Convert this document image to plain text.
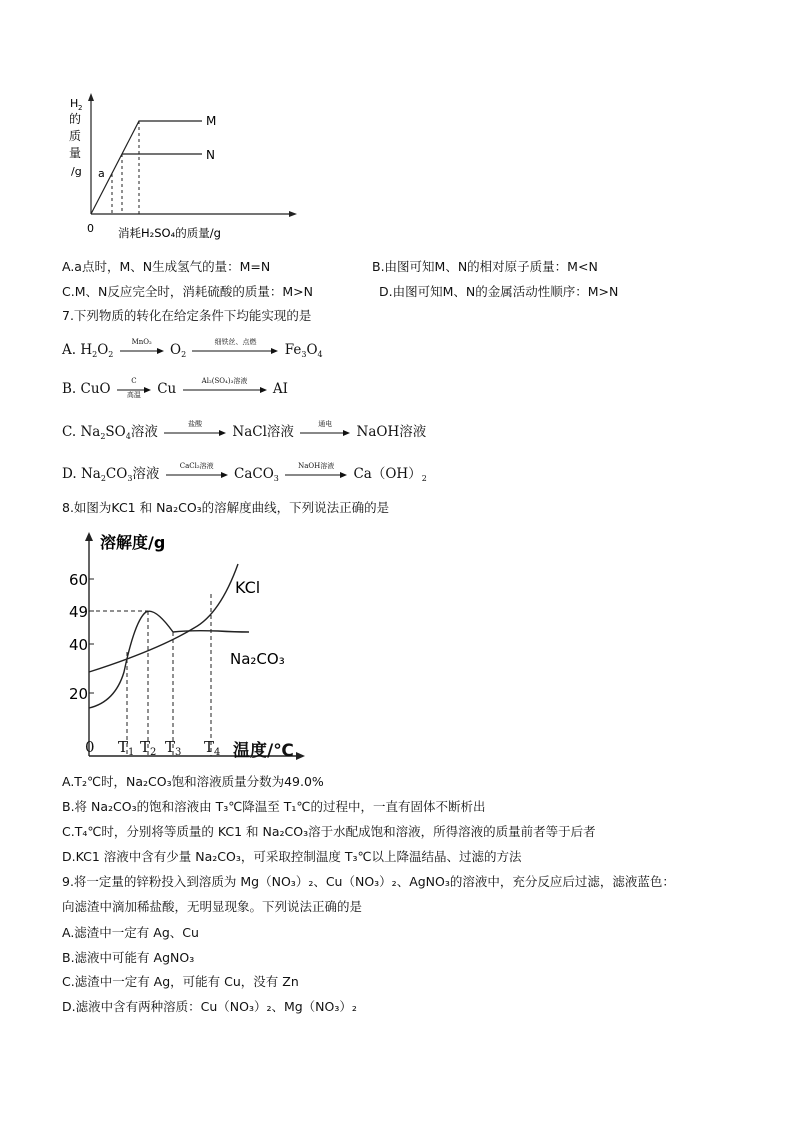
H 2
的
质
量
/g
0 消耗H₂SO₄的质量/g
a
M
N
A.a点时，M、N生成氢气的量：M=N	B.由图可知M、N的相对原子质量：M<N
C.M、N反应完全时，消耗硫酸的质量：M>N	D.由图可知M、N的金属活动性顺序：M>N
7.下列物质的转化在给定条件下均能实现的是
A. $H_2O_2$
MnO₂
$O_2$
细铁丝、点燃
$Fe_3O_4$
B. CuO
C
高温	Cu
Al₂(SO₄)₃溶液
AI
C. $Na_2SO_4$溶液
盐酸
NaCl溶液
通电
NaOH溶液
D. $Na_2CO_3$溶液
CaCl₂溶液
CaCO$_3$
NaOH溶液
$Ca(OH)_2$
8.如图为KC1 和 Na₂CO₃的溶解度曲线，下列说法正确的是
溶解度/g
60
49
40
20
KCl
Na₂CO₃
0 $T_1$ $T_2$ $T_3$ $T_4$ 温度/℃
A.T₂℃时，Na₂CO₃饱和溶液质量分数为49.0%
B.将 Na₂CO₃的饱和溶液由 T₃℃降温至 T₁℃的过程中，一直有固体不断析出
C.T₄℃时，分别将等质量的 KC1 和 Na₂CO₃溶于水配成饱和溶液，所得溶液的质量前者等于后者
D.KC1 溶液中含有少量 Na₂CO₃，可采取控制温度 T₃℃以上降温结晶、过滤的方法
9.将一定量的锌粉投入到溶质为 Mg（NO₃）₂、Cu（NO₃）₂、AgNO₃的溶液中，充分反应后过滤，滤液蓝色：
向滤渣中滴加稀盐酸，无明显现象。下列说法正确的是
A.滤渣中一定有 Ag、Cu
B.滤液中可能有 AgNO₃
C.滤渣中一定有 Ag，可能有 Cu，没有 Zn
D.滤液中含有两种溶质：Cu（NO₃）₂、Mg（NO₃）₂
